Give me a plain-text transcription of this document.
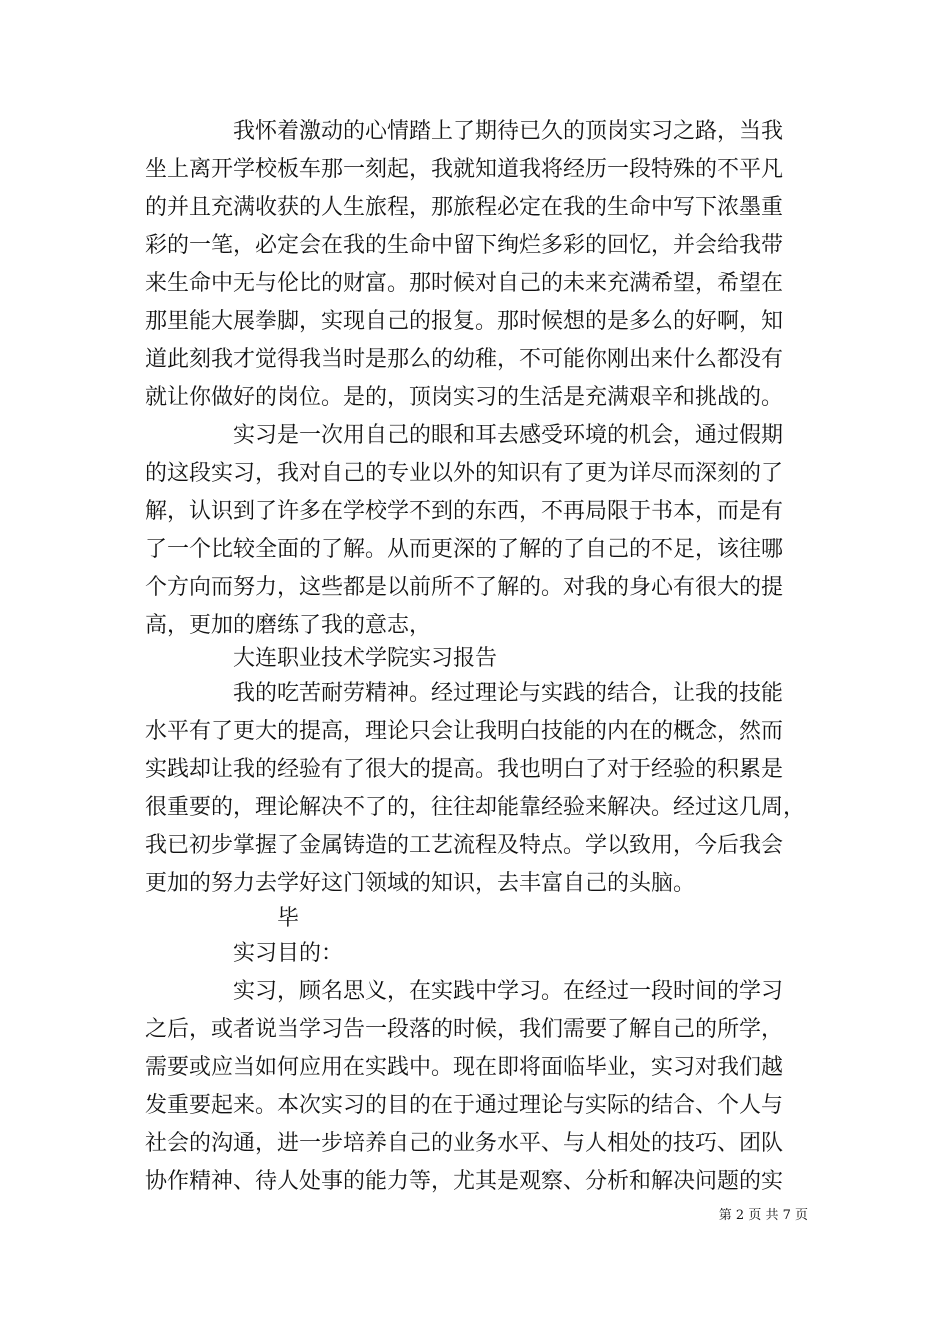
　　　　我怀着激动的心情踏上了期待已久的顶岗实习之路，当我

坐上离开学校板车那一刻起，我就知道我将经历一段特殊的不平凡

的并且充满收获的人生旅程，那旅程必定在我的生命中写下浓墨重

彩的一笔，必定会在我的生命中留下绚烂多彩的回忆，并会给我带

来生命中无与伦比的财富。那时候对自己的未来充满希望，希望在

那里能大展拳脚，实现自己的报复。那时候想的是多么的好啊，知

道此刻我才觉得我当时是那么的幼稚，不可能你刚出来什么都没有

就让你做好的岗位。是的，顶岗实习的生活是充满艰辛和挑战的。

　　　　实习是一次用自己的眼和耳去感受环境的机会，通过假期

的这段实习，我对自己的专业以外的知识有了更为详尽而深刻的了

解，认识到了许多在学校学不到的东西，不再局限于书本，而是有

了一个比较全面的了解。从而更深的了解的了自己的不足，该往哪

个方向而努力，这些都是以前所不了解的。对我的身心有很大的提

高，更加的磨练了我的意志，

　　　　大连职业技术学院实习报告

　　　　我的吃苦耐劳精神。经过理论与实践的结合，让我的技能

水平有了更大的提高，理论只会让我明白技能的内在的概念，然而

实践却让我的经验有了很大的提高。我也明白了对于经验的积累是

很重要的，理论解决不了的，往往却能靠经验来解决。经过这几周，

我已初步掌握了金属铸造的工艺流程及特点。学以致用，今后我会

更加的努力去学好这门领域的知识，去丰富自己的头脑。

　　　　　　毕

　　　　实习目的：

　　　　实习，顾名思义，在实践中学习。在经过一段时间的学习

之后，或者说当学习告一段落的时候，我们需要了解自己的所学，

需要或应当如何应用在实践中。现在即将面临毕业，实习对我们越

发重要起来。本次实习的目的在于通过理论与实际的结合、个人与

社会的沟通，进一步培养自己的业务水平、与人相处的技巧、团队

协作精神、待人处事的能力等，尤其是观察、分析和解决问题的实

第 2 页 共 7 页
